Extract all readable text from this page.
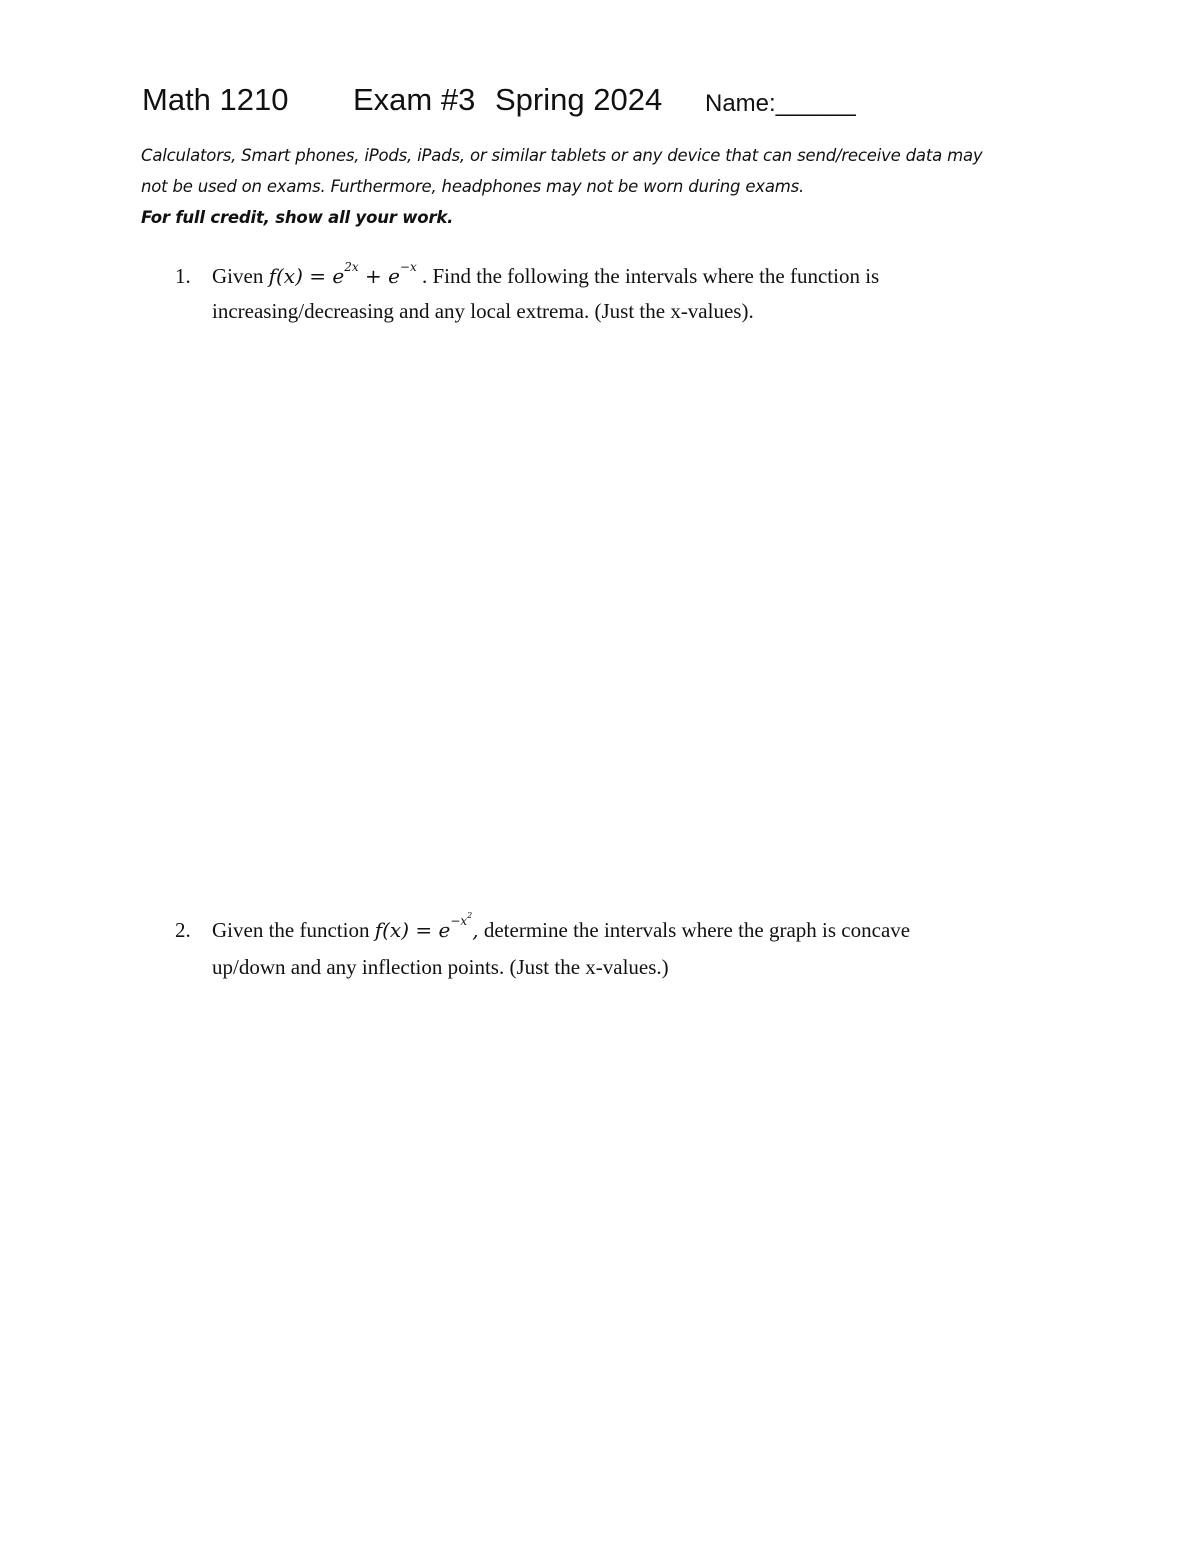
Math 1210 Exam #3 Spring 2024 Name:______
Calculators, Smart phones, iPods, iPads, or similar tablets or any device that can send/receive data may
not be used on exams. Furthermore, headphones may not be worn during exams.
For full credit, show all your work.
1. Given $f(x) = e^{2x} + e^{-x}$ . Find the following the intervals where the function is
increasing/decreasing and any local extrema. (Just the x-values).
2. Given the function $f(x) = e^{-x^2}$, determine the intervals where the graph is concave
up/down and any inflection points. (Just the x-values.)
